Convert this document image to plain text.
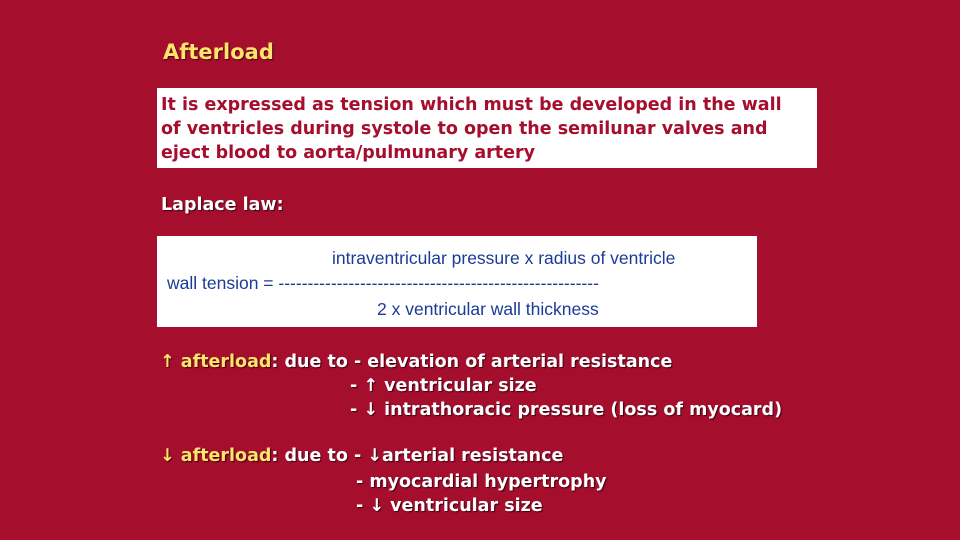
Afterload
It is expressed as tension which must be developed in the wall
of ventricles during systole to open the semilunar valves and
eject blood to aorta/pulmunary artery
Laplace law:
intraventricular pressure x radius of ventricle
wall tension = -------------------------------------------------------
2 x ventricular wall thickness
↑ afterload: due to - elevation of arterial resistance
- ↑ ventricular size
- ↓ intrathoracic pressure (loss of myocard)
↓ afterload: due to - ↓arterial resistance
- myocardial hypertrophy
- ↓ ventricular size
